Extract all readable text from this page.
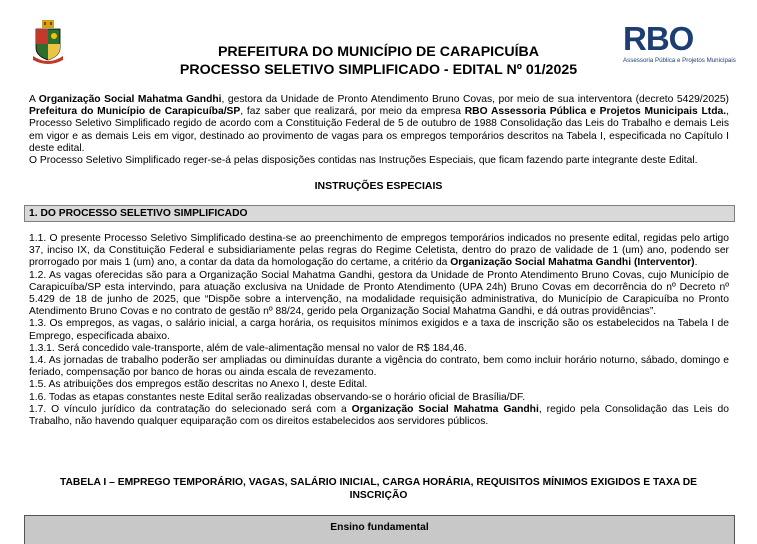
RBO
Assessoria Pública e Projetos Municipais
PREFEITURA DO MUNICÍPIO DE CARAPICUÍBA
PROCESSO SELETIVO SIMPLIFICADO - EDITAL Nº 01/2025

A Organização Social Mahatma Gandhi, gestora da Unidade de Pronto Atendimento Bruno Covas, por meio de sua interventora (decreto 5429/2025) Prefeitura do Município de Carapicuíba/SP, faz saber que realizará, por meio da empresa RBO Assessoria Pública e Projetos Municipais Ltda., Processo Seletivo Simplificado regido de acordo com a Constituição Federal de 5 de outubro de 1988 Consolidação das Leis do Trabalho e demais Leis em vigor e as demais Leis em vigor, destinado ao provimento de vagas para os empregos temporários descritos na Tabela I, especificada no Capítulo I deste edital.

O Processo Seletivo Simplificado reger-se-á pelas disposições contidas nas Instruções Especiais, que ficam fazendo parte integrante deste Edital.

INSTRUÇÕES ESPECIAIS
1. DO PROCESSO SELETIVO SIMPLIFICADO

1.1. O presente Processo Seletivo Simplificado destina-se ao preenchimento de empregos temporários indicados no presente edital, regidas pelo artigo 37, inciso IX, da Constituição Federal e subsidiariamente pelas regras do Regime Celetista, dentro do prazo de validade de 1 (um) ano, podendo ser prorrogado por mais 1 (um) ano, a contar da data da homologação do certame, a critério da Organização Social Mahatma Gandhi (Interventor).

1.2. As vagas oferecidas são para a Organização Social Mahatma Gandhi, gestora da Unidade de Pronto Atendimento Bruno Covas, cujo Município de Carapicuíba/SP esta intervindo, para atuação exclusiva na Unidade de Pronto Atendimento (UPA 24h) Bruno Covas em decorrência do nº Decreto nº 5.429 de 18 de junho de 2025, que “Dispõe sobre a intervenção, na modalidade requisição administrativa, do Município de Carapicuíba no Pronto Atendimento Bruno Covas e no contrato de gestão nº 88/24, gerido pela Organização Social Mahatma Gandhi, e dá outras providências”.

1.3. Os empregos, as vagas, o salário inicial, a carga horária, os requisitos mínimos exigidos e a taxa de inscrição são os estabelecidos na Tabela I de Emprego, especificada abaixo.

1.3.1. Será concedido vale-transporte, além de vale-alimentação mensal no valor de R$ 184,46.

1.4. As jornadas de trabalho poderão ser ampliadas ou diminuídas durante a vigência do contrato, bem como incluir horário noturno, sábado, domingo e feriado, compensação por banco de horas ou ainda escala de revezamento.

1.5. As atribuições dos empregos estão descritas no Anexo I, deste Edital.

1.6. Todas as etapas constantes neste Edital serão realizadas observando-se o horário oficial de Brasília/DF.

1.7. O vínculo jurídico da contratação do selecionado será com a Organização Social Mahatma Gandhi, regido pela Consolidação das Leis do Trabalho, não havendo qualquer equiparação com os direitos estabelecidos aos servidores públicos.

TABELA I – EMPREGO TEMPORÁRIO, VAGAS, SALÁRIO INICIAL, CARGA HORÁRIA, REQUISITOS MÍNIMOS EXIGIDOS E TAXA DE INSCRIÇÃO
Ensino fundamental
